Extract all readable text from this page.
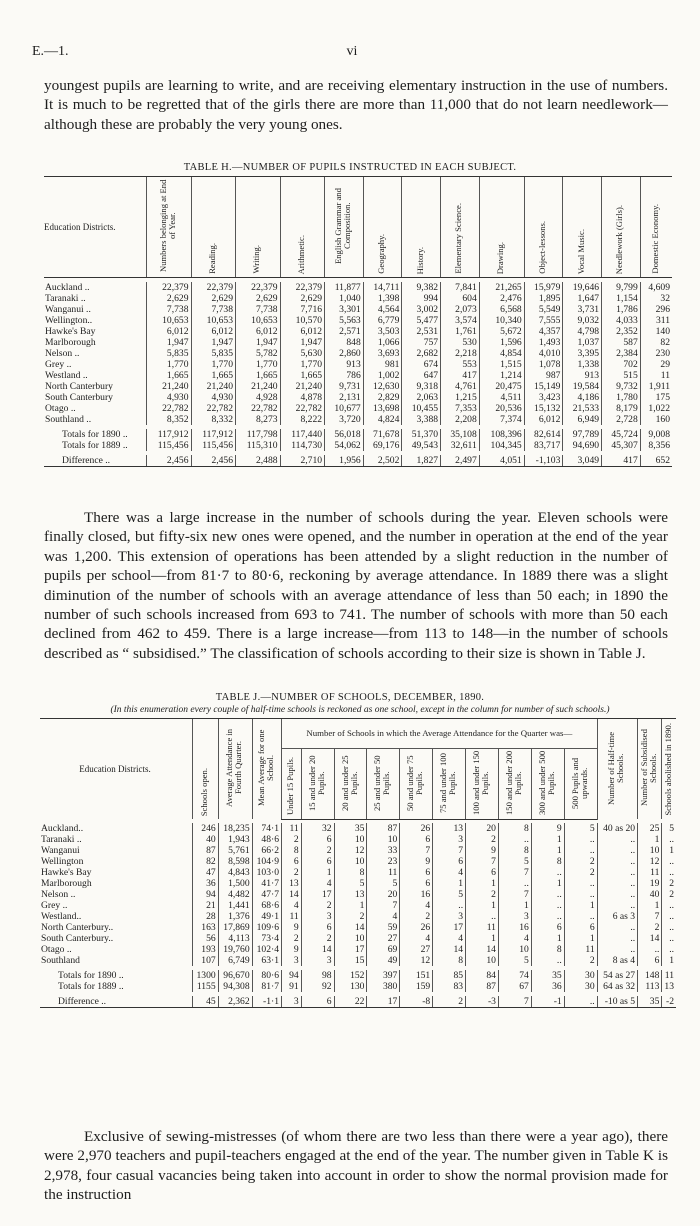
E.—1.	vi

youngest pupils are learning to write, and are receiving elementary instruction in the use of numbers. It is much to be regretted that of the girls there are more than 11,000 that do not learn needlework—although these are probably the very young ones.

TABLE H.—NUMBER OF PUPILS INSTRUCTED IN EACH SUBJECT.
Education Districts.	Numbers belonging at End of Year.	Reading.	Writing.	Arithmetic.	English Grammar and Composition.	Geography.	History.	Elementary Science.	Drawing.	Object-lessons.	Vocal Music.	Needlework (Girls).	Domestic Economy.

Auckland ..	22,379	22,379	22,379	22,379	11,877	14,711	9,382	7,841	21,265	15,979	19,646	9,799	4,609
Taranaki ..	2,629	2,629	2,629	2,629	1,040	1,398	994	604	2,476	1,895	1,647	1,154	32
Wanganui ..	7,738	7,738	7,738	7,716	3,301	4,564	3,002	2,073	6,568	5,549	3,731	1,786	296
Wellington..	10,653	10,653	10,653	10,570	5,563	6,779	5,477	3,574	10,340	7,555	9,032	4,033	311
Hawke's Bay	6,012	6,012	6,012	6,012	2,571	3,503	2,531	1,761	5,672	4,357	4,798	2,352	140
Marlborough	1,947	1,947	1,947	1,947	848	1,066	757	530	1,596	1,493	1,037	587	82
Nelson ..	5,835	5,835	5,782	5,630	2,860	3,693	2,682	2,218	4,854	4,010	3,395	2,384	230
Grey ..	1,770	1,770	1,770	1,770	913	981	674	553	1,515	1,078	1,338	702	29
Westland ..	1,665	1,665	1,665	1,665	786	1,002	647	417	1,214	987	913	515	11
North Canterbury	21,240	21,240	21,240	21,240	9,731	12,630	9,318	4,761	20,475	15,149	19,584	9,732	1,911
South Canterbury	4,930	4,930	4,928	4,878	2,131	2,829	2,063	1,215	4,511	3,423	4,186	1,780	175
Otago ..	22,782	22,782	22,782	22,782	10,677	13,698	10,455	7,353	20,536	15,132	21,533	8,179	1,022
Southland ..	8,352	8,332	8,273	8,222	3,720	4,824	3,388	2,208	7,374	6,012	6,949	2,728	160

Totals for 1890 ..	117,912	117,912	117,798	117,440	56,018	71,678	51,370	35,108	108,396	82,614	97,789	45,724	9,008
Totals for 1889 ..	115,456	115,456	115,310	114,730	54,062	69,176	49,543	32,611	104,345	83,717	94,690	45,307	8,356

Difference ..	2,456	2,456	2,488	2,710	1,956	2,502	1,827	2,497	4,051	-1,103	3,049	417	652

There was a large increase in the number of schools during the year. Eleven schools were finally closed, but fifty-six new ones were opened, and the number in operation at the end of the year was 1,200. This extension of operations has been attended by a slight reduction in the number of pupils per school—from 81·7 to 80·6, reckoning by average attendance. In 1889 there was a slight diminution of the number of schools with an average attendance of less than 50 each; in 1890 the number of such schools increased from 693 to 741. The number of schools with more than 50 each declined from 462 to 459. There is a large increase—from 113 to 148—in the number of schools described as “ subsidised.” The classification of schools according to their size is shown in Table J.

TABLE J.—NUMBER OF SCHOOLS, DECEMBER, 1890.
(In this enumeration every couple of half-time schools is reckoned as one school, except in the column for number of such schools.)
Education Districts.	Schools open.	Average Attendance in Fourth Quarter.	Mean Average for one School.	Number of Schools in which the Average Attendance for the Quarter was—										Number of Half-time Schools.	Number of Subsidised Schools.	Schools abolished in 1890.
				Under 15 Pupils.	15 and under 20 Pupils.	20 and under 25 Pupils.	25 and under 50 Pupils.	50 and under 75 Pupils.	75 and under 100 Pupils.	100 and under 150 Pupils.	150 and under 200 Pupils.	300 and under 500 Pupils.	500 Pupils and upwards.			

Auckland..	246	18,235	74·1	11	32	35	87	26	13	20	8	9	5	40 as 20	25	5
Taranaki ..	40	1,943	48·6	2	6	10	10	6	3	2	..	1	..	..	1	..
Wanganui	87	5,761	66·2	8	2	12	33	7	7	9	8	1	..	..	10	1
Wellington	82	8,598	104·9	6	6	10	23	9	6	7	5	8	2	..	12	..
Hawke's Bay	47	4,843	103·0	2	1	8	11	6	4	6	7	..	2	..	11	..
Marlborough	36	1,500	41·7	13	4	5	5	6	1	1	..	1	..	..	19	2
Nelson ..	94	4,482	47·7	14	17	13	20	16	5	2	7	..	..	..	40	2
Grey ..	21	1,441	68·6	4	2	1	7	4	..	1	1	..	1	..	1	..
Westland..	28	1,376	49·1	11	3	2	4	2	3	..	3	..	..	6 as 3	7	..
North Canterbury..	163	17,869	109·6	9	6	14	59	26	17	11	16	6	6	..	2	..
South Canterbury..	56	4,113	73·4	2	2	10	27	4	4	1	4	1	1	..	14	..
Otago ..	193	19,760	102·4	9	14	17	69	27	14	14	10	8	11	..	..	..
Southland	107	6,749	63·1	3	3	15	49	12	8	10	5	..	2	8 as 4	6	1

Totals for 1890 ..	1300	96,670	80·6	94	98	152	397	151	85	84	74	35	30	54 as 27	148	11
Totals for 1889 ..	1155	94,308	81·7	91	92	130	380	159	83	87	67	36	30	64 as 32	113	13

Difference ..	45	2,362	-1·1	3	6	22	17	-8	2	-3	7	-1	..	-10 as 5	35	-2

Exclusive of sewing-mistresses (of whom there are two less than there were a year ago), there were 2,970 teachers and pupil-teachers engaged at the end of the year. The number given in Table K is 2,978, four casual vacancies being taken into account in order to show the normal provision made for the instruction
